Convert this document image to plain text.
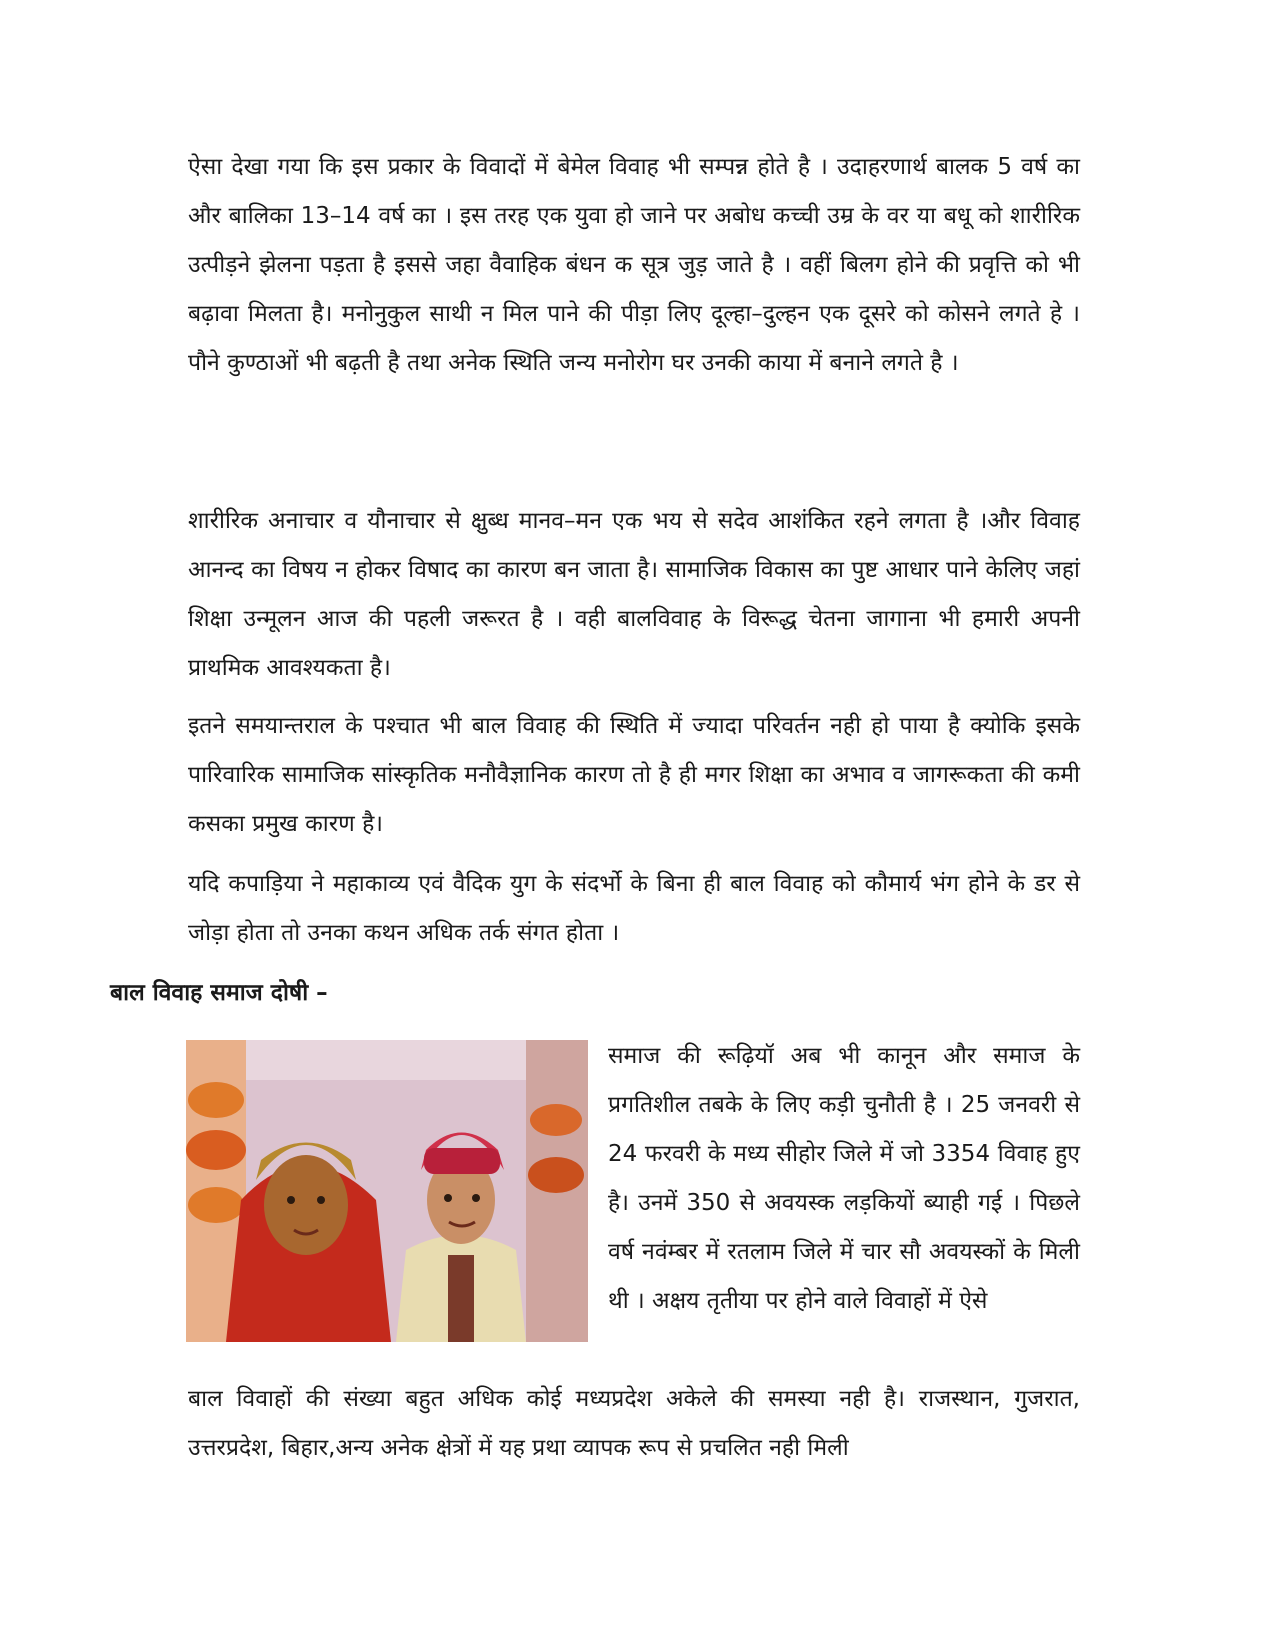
ऐसा देखा गया कि इस प्रकार के विवादों में बेमेल विवाह भी सम्पन्न होते है । उदाहरणार्थ बालक 5 वर्ष का और बालिका 13–14 वर्ष का । इस तरह एक युवा हो जाने पर अबोध कच्ची उम्र के वर या बधू को शारीरिक उत्पीड़ने झेलना पड़ता है इससे जहा वैवाहिक बंधन क सूत्र जुड़ जाते है । वहीं बिलग होने की प्रवृत्ति को भी बढ़ावा मिलता है। मनोनुकुल साथी न मिल पाने की पीड़ा लिए दूल्हा–दुल्हन एक दूसरे को कोसने लगते हे । पौने कुण्ठाओं भी बढ़ती है तथा अनेक स्थिति जन्य मनोरोग घर उनकी काया में बनाने लगते है ।

शारीरिक अनाचार व यौनाचार से क्षुब्ध मानव–मन एक भय से सदेव आशंकित रहने लगता है ।और विवाह आनन्द का विषय न होकर विषाद का कारण बन जाता है। सामाजिक विकास का पुष्ट आधार पाने केलिए जहां शिक्षा उन्मूलन आज की पहली जरूरत है । वही बालविवाह के विरूद्ध चेतना जागाना भी हमारी अपनी प्राथमिक आवश्यकता है।

इतने समयान्तराल के पश्चात भी बाल विवाह की स्थिति में ज्यादा परिवर्तन नही हो पाया है क्योकि इसके पारिवारिक सामाजिक सांस्कृतिक मनौवैज्ञानिक कारण तो है ही मगर शिक्षा का अभाव व जागरूकता की कमी कसका प्रमुख कारण है।

यदि कपाड़िया ने महाकाव्य एवं वैदिक युग के संदर्भो के बिना ही बाल विवाह को कौमार्य भंग होने के डर से जोड़ा होता तो उनका कथन अधिक तर्क संगत होता ।

बाल विवाह समाज दोषी –

समाज की रूढ़ियॉ अब भी कानून और समाज के प्रगतिशील तबके के लिए कड़ी चुनौती है । 25 जनवरी से 24 फरवरी के मध्य सीहोर जिले में जो 3354 विवाह हुए है। उनमें 350 से अवयस्क लड़कियों ब्याही गई । पिछले वर्ष नवंम्बर में रतलाम जिले में चार सौ अवयस्कों के मिली थी । अक्षय तृतीया पर होने वाले विवाहों में ऐसे

बाल विवाहों की संख्या बहुत अधिक कोई मध्यप्रदेश अकेले की समस्या नही है। राजस्थान, गुजरात, उत्तरप्रदेश, बिहार,अन्य अनेक क्षेत्रों में यह प्रथा व्यापक रूप से प्रचलित नही मिली
